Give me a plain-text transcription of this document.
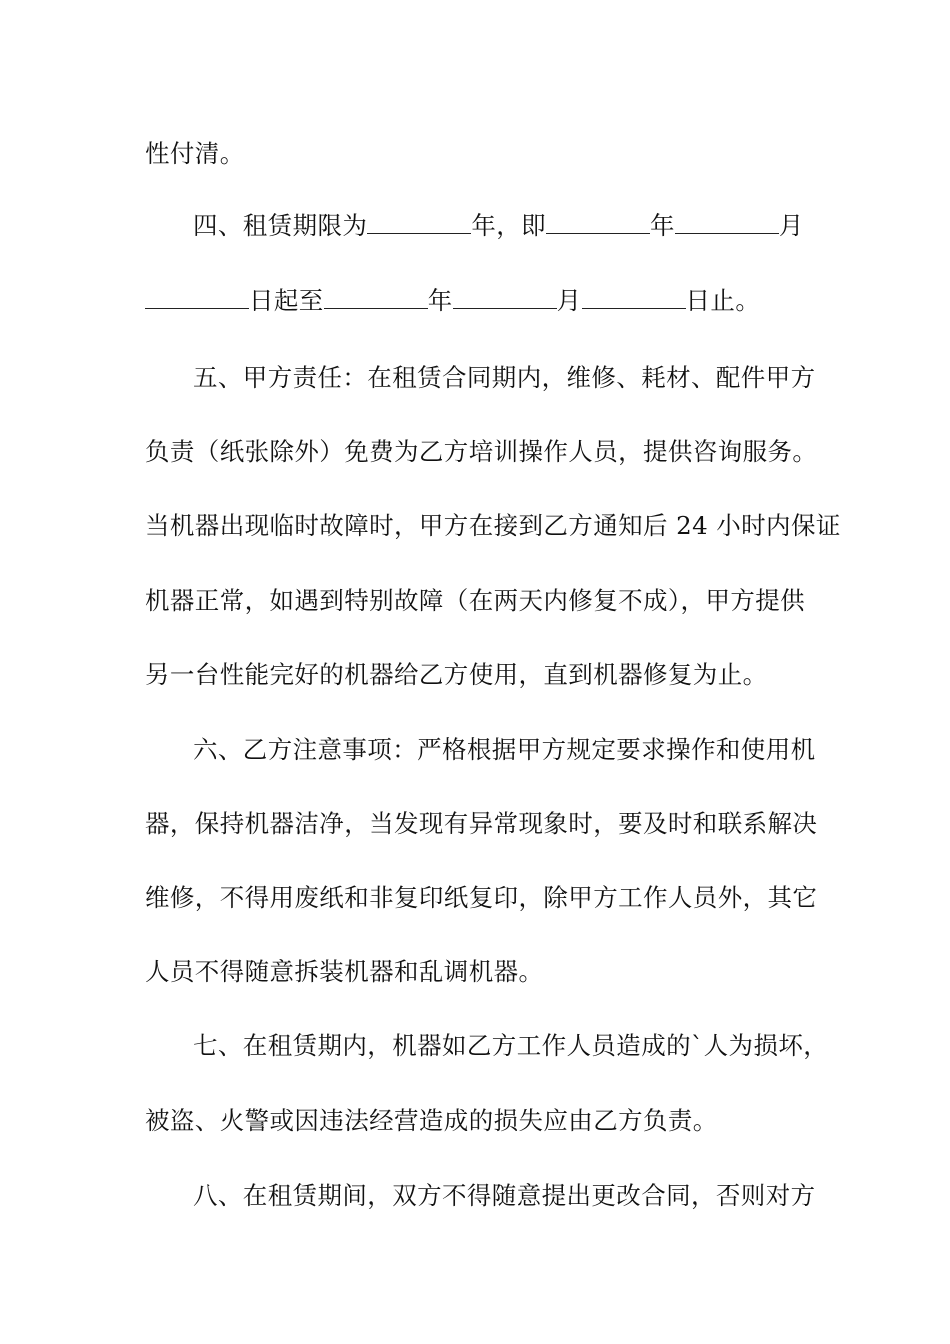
性付清。
四、租赁期限为	年，即	年	月
日起至	年	月	日止。
五、甲方责任：在租赁合同期内，维修、耗材、配件甲方
负责（纸张除外）免费为乙方培训操作人员，提供咨询服务。
当机器出现临时故障时，甲方在接到乙方通知后 24 小时内保证
机器正常，如遇到特别故障（在两天内修复不成），甲方提供
另一台性能完好的机器给乙方使用，直到机器修复为止。
六、乙方注意事项：严格根据甲方规定要求操作和使用机
器，保持机器洁净，当发现有异常现象时，要及时和联系解决
维修，不得用废纸和非复印纸复印，除甲方工作人员外，其它
人员不得随意拆装机器和乱调机器。
七、在租赁期内，机器如乙方工作人员造成的`人为损坏，
被盗、火警或因违法经营造成的损失应由乙方负责。
八、在租赁期间，双方不得随意提出更改合同，否则对方
